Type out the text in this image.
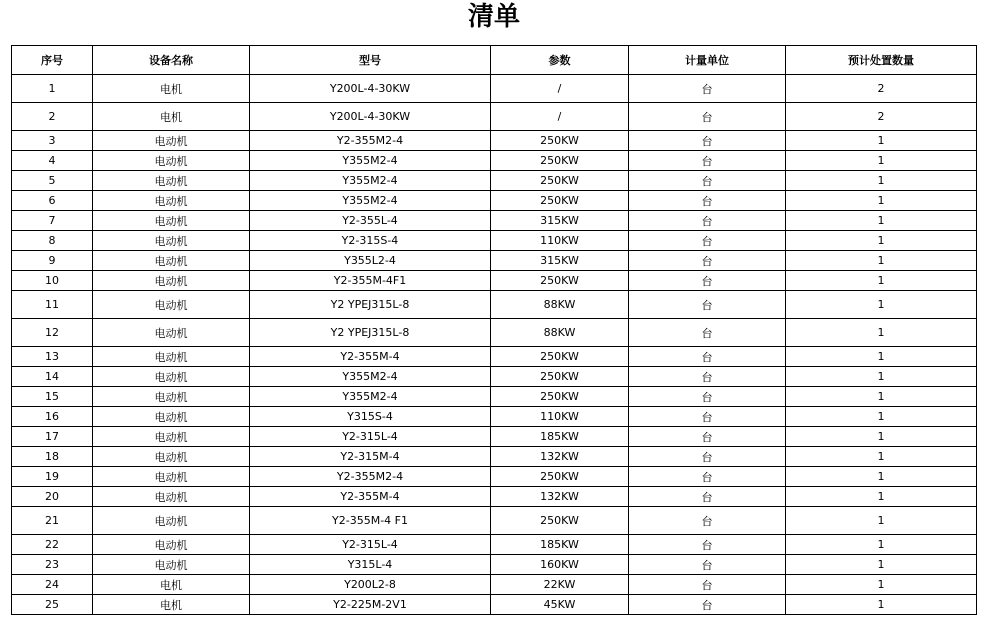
清单
序号	设备名称	型号	参数	计量单位	预计处置数量
1	电机	Y200L-4-30KW	/	台	2
2	电机	Y200L-4-30KW	/	台	2
3	电动机	Y2-355M2-4	250KW	台	1
4	电动机	Y355M2-4	250KW	台	1
5	电动机	Y355M2-4	250KW	台	1
6	电动机	Y355M2-4	250KW	台	1
7	电动机	Y2-355L-4	315KW	台	1
8	电动机	Y2-315S-4	110KW	台	1
9	电动机	Y355L2-4	315KW	台	1
10	电动机	Y2-355M-4F1	250KW	台	1
11	电动机	Y2 YPEJ315L-8	88KW	台	1
12	电动机	Y2 YPEJ315L-8	88KW	台	1
13	电动机	Y2-355M-4	250KW	台	1
14	电动机	Y355M2-4	250KW	台	1
15	电动机	Y355M2-4	250KW	台	1
16	电动机	Y315S-4	110KW	台	1
17	电动机	Y2-315L-4	185KW	台	1
18	电动机	Y2-315M-4	132KW	台	1
19	电动机	Y2-355M2-4	250KW	台	1
20	电动机	Y2-355M-4	132KW	台	1
21	电动机	Y2-355M-4 F1	250KW	台	1
22	电动机	Y2-315L-4	185KW	台	1
23	电动机	Y315L-4	160KW	台	1
24	电机	Y200L2-8	22KW	台	1
25	电机	Y2-225M-2V1	45KW	台	1
